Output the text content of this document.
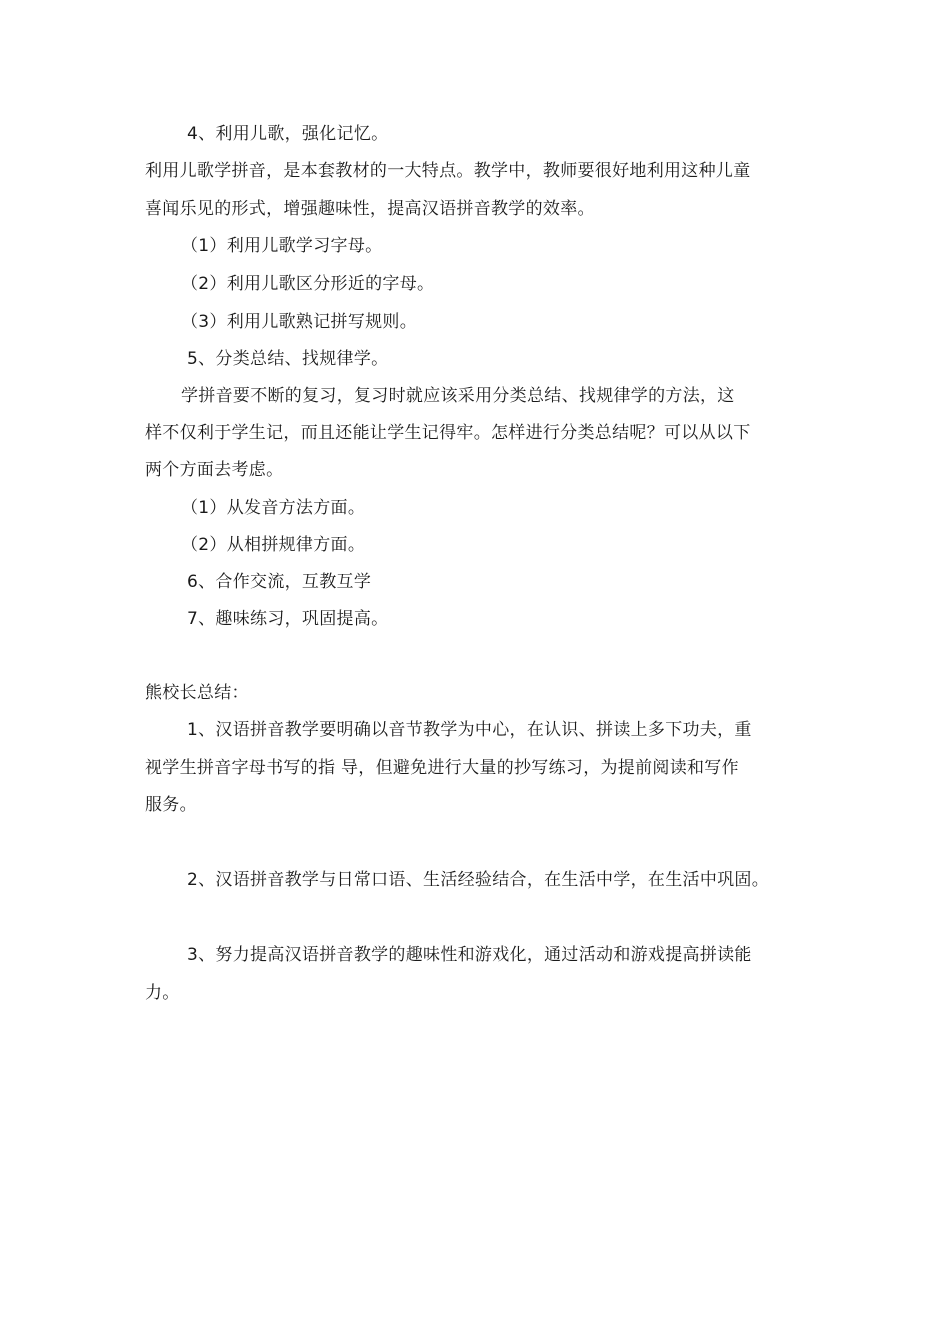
4、利用儿歌，强化记忆。
利用儿歌学拼音，是本套教材的一大特点。教学中，教师要很好地利用这种儿童
喜闻乐见的形式，增强趣味性，提高汉语拼音教学的效率。
（1）利用儿歌学习字母。
（2）利用儿歌区分形近的字母。
（3）利用儿歌熟记拼写规则。
5、分类总结、找规律学。
学拼音要不断的复习，复习时就应该采用分类总结、找规律学的方法，这
样不仅利于学生记，而且还能让学生记得牢。怎样进行分类总结呢？可以从以下
两个方面去考虑。
（1）从发音方法方面。
（2）从相拼规律方面。
6、合作交流，互教互学
7、趣味练习，巩固提高。
熊校长总结：
1、汉语拼音教学要明确以音节教学为中心，在认识、拼读上多下功夫，重
视学生拼音字母书写的指 导，但避免进行大量的抄写练习，为提前阅读和写作
服务。
2、汉语拼音教学与日常口语、生活经验结合，在生活中学，在生活中巩固。
3、努力提高汉语拼音教学的趣味性和游戏化，通过活动和游戏提高拼读能
力。
